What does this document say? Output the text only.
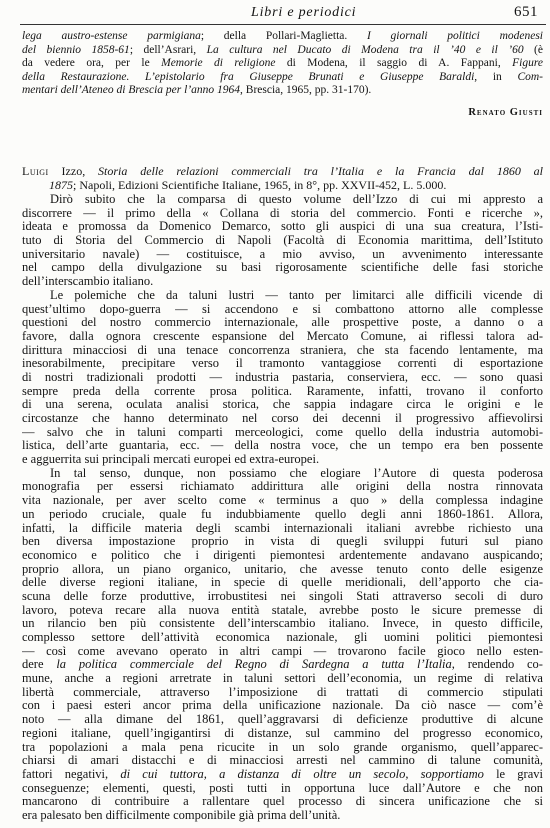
Libri e periodici	651
lega austro-estense parmigiana; della Pollari-Maglietta. I giornali politici modenesi
del biennio 1858-61; dell’Asrari, La cultura nel Ducato di Modena tra il ’40 e il ’60 (è
da vedere ora, per le Memorie di religione di Modena, il saggio di A. Fappani, Figure
della Restaurazione. L’epistolario fra Giuseppe Brunati e Giuseppe Baraldi, in Com-
mentari dell’Ateneo di Brescia per l’anno 1964, Brescia, 1965, pp. 31-170).
Renato Giusti
Luigi Izzo, Storia delle relazioni commerciali tra l’Italia e la Francia dal 1860 al
1875; Napoli, Edizioni Scientifiche Italiane, 1965, in 8°, pp. XXVII-452, L. 5.000.
Dirò subito che la comparsa di questo volume dell’Izzo di cui mi appresto a
discorrere — il primo della « Collana di storia del commercio. Fonti e ricerche »,
ideata e promossa da Domenico Demarco, sotto gli auspici di una sua creatura, l’Isti-
tuto di Storia del Commercio di Napoli (Facoltà di Economia marittima, dell’Istituto
universitario navale) — costituisce, a mio avviso, un avvenimento interessante
nel campo della divulgazione su basi rigorosamente scientifiche delle fasi storiche
dell’interscambio italiano.
Le polemiche che da taluni lustri — tanto per limitarci alle difficili vicende di
quest’ultimo dopo-guerra — si accendono e si combattono attorno alle complesse
questioni del nostro commercio internazionale, alle prospettive poste, a danno o a
favore, dalla ognora crescente espansione del Mercato Comune, ai riflessi talora ad-
dirittura minacciosi di una tenace concorrenza straniera, che sta facendo lentamente, ma
inesorabilmente, precipitare verso il tramonto vantaggiose correnti di esportazione
di nostri tradizionali prodotti — industria pastaria, conserviera, ecc. — sono quasi
sempre preda della corrente prosa politica. Raramente, infatti, trovano il conforto
di una serena, oculata analisi storica, che sappia indagare circa le origini e le
circostanze che hanno determinato nel corso dei decenni il progressivo affievolirsi
— salvo che in taluni comparti merceologici, come quello della industria automobi-
listica, dell’arte guantaria, ecc. — della nostra voce, che un tempo era ben possente
e agguerrita sui principali mercati europei ed extra-europei.
In tal senso, dunque, non possiamo che elogiare l’Autore di questa poderosa
monografia per essersi richiamato addirittura alle origini della nostra rinnovata
vita nazionale, per aver scelto come « terminus a quo » della complessa indagine
un periodo cruciale, quale fu indubbiamente quello degli anni 1860-1861. Allora,
infatti, la difficile materia degli scambi internazionali italiani avrebbe richiesto una
ben diversa impostazione proprio in vista di quegli sviluppi futuri sul piano
economico e politico che i dirigenti piemontesi ardentemente andavano auspicando;
proprio allora, un piano organico, unitario, che avesse tenuto conto delle esigenze
delle diverse regioni italiane, in specie di quelle meridionali, dell’apporto che cia-
scuna delle forze produttive, irrobustitesi nei singoli Stati attraverso secoli di duro
lavoro, poteva recare alla nuova entità statale, avrebbe posto le sicure premesse di
un rilancio ben più consistente dell’interscambio italiano. Invece, in questo difficile,
complesso settore dell’attività economica nazionale, gli uomini politici piemontesi
— così come avevano operato in altri campi — trovarono facile gioco nello esten-
dere la politica commerciale del Regno di Sardegna a tutta l’Italia, rendendo co-
mune, anche a regioni arretrate in taluni settori dell’economia, un regime di relativa
libertà commerciale, attraverso l’imposizione di trattati di commercio stipulati
con i paesi esteri ancor prima della unificazione nazionale. Da ciò nasce — com’è
noto — alla dimane del 1861, quell’aggravarsi di deficienze produttive di alcune
regioni italiane, quell’ingigantirsi di distanze, sul cammino del progresso economico,
tra popolazioni a mala pena ricucite in un solo grande organismo, quell’apparec-
chiarsi di amari distacchi e di minacciosi arresti nel cammino di talune comunità,
fattori negativi, di cui tuttora, a distanza di oltre un secolo, sopportiamo le gravi
conseguenze; elementi, questi, posti tutti in opportuna luce dall’Autore e che non
mancarono di contribuire a rallentare quel processo di sincera unificazione che si
era palesato ben difficilmente componibile già prima dell’unità.
